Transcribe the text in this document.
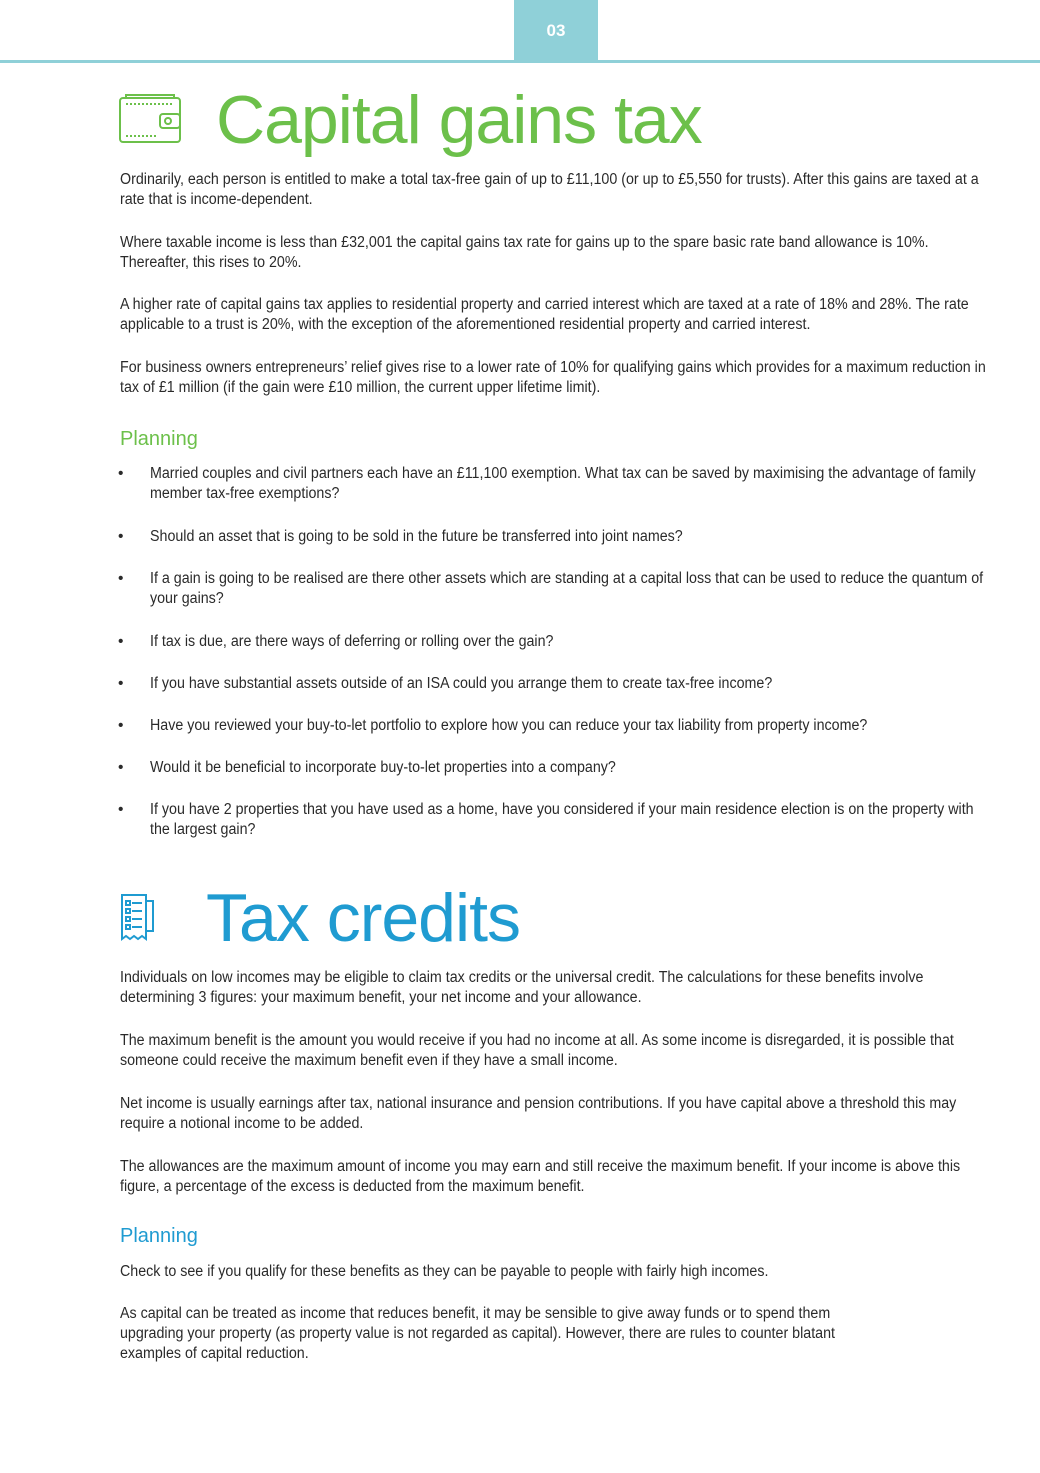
03
Capital gains tax

Ordinarily, each person is entitled to make a total tax-free gain of up to £11,100 (or up to £5,550 for trusts). After this gains are taxed at a rate that is income-dependent.

Where taxable income is less than £32,001 the capital gains tax rate for gains up to the spare basic rate band allowance is 10%. Thereafter, this rises to 20%.

A higher rate of capital gains tax applies to residential property and carried interest which are taxed at a rate of 18% and 28%. The rate applicable to a trust is 20%, with the exception of the aforementioned residential property and carried interest.

For business owners entrepreneurs’ relief gives rise to a lower rate of 10% for qualifying gains which provides for a maximum reduction in tax of £1 million (if the gain were £10 million, the current upper lifetime limit).

Planning
• Married couples and civil partners each have an £11,100 exemption. What tax can be saved by maximising the advantage of family member tax-free exemptions?

• Should an asset that is going to be sold in the future be transferred into joint names?

• If a gain is going to be realised are there other assets which are standing at a capital loss that can be used to reduce the quantum of your gains?

• If tax is due, are there ways of deferring or rolling over the gain?

• If you have substantial assets outside of an ISA could you arrange them to create tax-free income?

• Have you reviewed your buy-to-let portfolio to explore how you can reduce your tax liability from property income?

• Would it be beneficial to incorporate buy-to-let properties into a company?

• If you have 2 properties that you have used as a home, have you considered if your main residence election is on the property with the largest gain?

Tax credits

Individuals on low incomes may be eligible to claim tax credits or the universal credit. The calculations for these benefits involve determining 3 figures: your maximum benefit, your net income and your allowance.

The maximum benefit is the amount you would receive if you had no income at all. As some income is disregarded, it is possible that someone could receive the maximum benefit even if they have a small income.

Net income is usually earnings after tax, national insurance and pension contributions. If you have capital above a threshold this may require a notional income to be added.

The allowances are the maximum amount of income you may earn and still receive the maximum benefit. If your income is above this figure, a percentage of the excess is deducted from the maximum benefit.

Planning

Check to see if you qualify for these benefits as they can be payable to people with fairly high incomes.

As capital can be treated as income that reduces benefit, it may be sensible to give away funds or to spend them upgrading your property (as property value is not regarded as capital). However, there are rules to counter blatant examples of capital reduction.
